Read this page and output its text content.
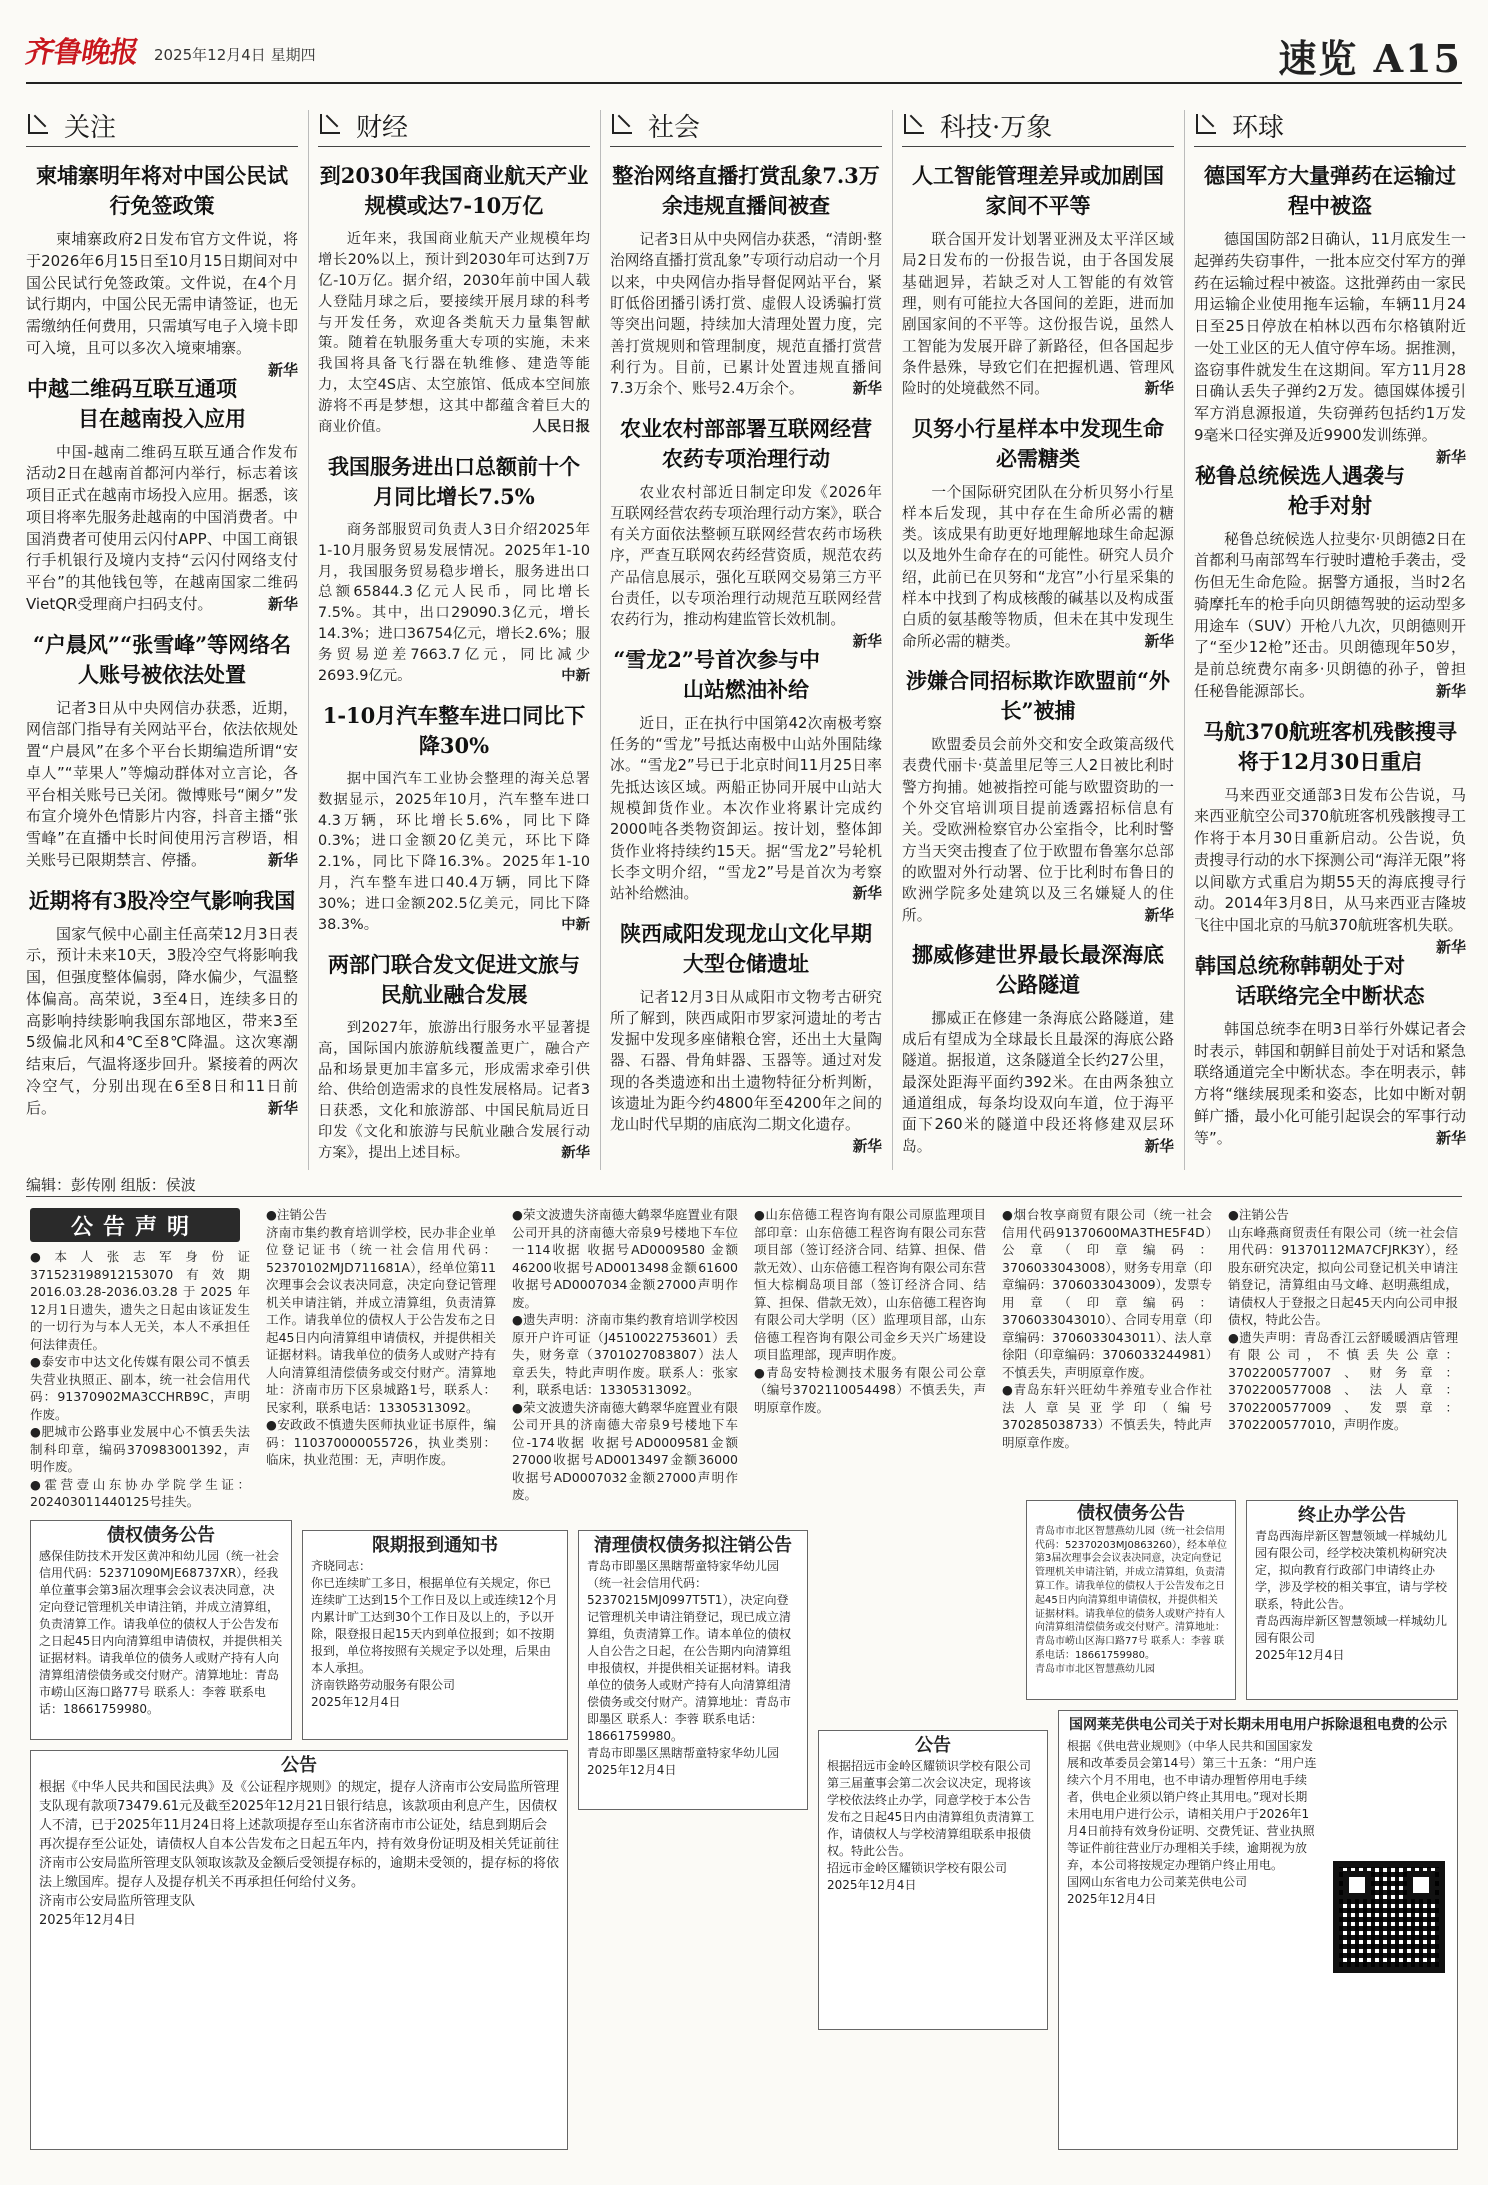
齐鲁晚报 2025年12月4日 星期四	速览 A15
关注
柬埔寨明年将对中国公民试行免签政策

柬埔寨政府2日发布官方文件说，将于2026年6月15日至10月15日期间对中国公民试行免签政策。文件说，在4个月试行期内，中国公民无需申请签证，也无需缴纳任何费用，只需填写电子入境卡即可入境，且可以多次入境柬埔寨。
新华

中越二维码互联互通项目在越南投入应用

中国-越南二维码互联互通合作发布活动2日在越南首都河内举行，标志着该项目正式在越南市场投入应用。据悉，该项目将率先服务赴越南的中国消费者。中国消费者可使用云闪付APP、中国工商银行手机银行及境内支持“云闪付网络支付平台”的其他钱包等，在越南国家二维码VietQR受理商户扫码支付。	新华

“户晨风”“张雪峰”等网络名人账号被依法处置

记者3日从中央网信办获悉，近期，网信部门指导有关网站平台，依法依规处置“户晨风”在多个平台长期编造所谓“安卓人”“苹果人”等煽动群体对立言论，各平台相关账号已关闭。微博账号“阑夕”发布宣介境外色情影片内容，抖音主播“张雪峰”在直播中长时间使用污言秽语，相关账号已限期禁言、停播。	新华

近期将有3股冷空气影响我国

国家气候中心副主任高荣12月3日表示，预计未来10天，3股冷空气将影响我国，但强度整体偏弱，降水偏少，气温整体偏高。高荣说，3至4日，连续多日的高影响持续影响我国东部地区，带来3至5级偏北风和4℃至8℃降温。这次寒潮结束后，气温将逐步回升。紧接着的两次冷空气，分别出现在6至8日和11日前后。	新华

财经
到2030年我国商业航天产业规模或达7-10万亿

近年来，我国商业航天产业规模年均增长20%以上，预计到2030年可达到7万亿-10万亿。据介绍，2030年前中国人载人登陆月球之后，要接续开展月球的科考与开发任务，欢迎各类航天力量集智献策。随着在轨服务重大专项的实施，未来我国将具备飞行器在轨维修、建造等能力，太空4S店、太空旅馆、低成本空间旅游将不再是梦想，这其中都蕴含着巨大的商业价值。	人民日报

我国服务进出口总额前十个月同比增长7.5%

商务部服贸司负责人3日介绍2025年1-10月服务贸易发展情况。2025年1-10月，我国服务贸易稳步增长，服务进出口总额65844.3亿元人民币，同比增长7.5%。其中，出口29090.3亿元，增长14.3%；进口36754亿元，增长2.6%；服务贸易逆差7663.7亿元，同比减少2693.9亿元。	中新

1-10月汽车整车进口同比下降30%

据中国汽车工业协会整理的海关总署数据显示，2025年10月，汽车整车进口4.3万辆，环比增长5.6%，同比下降0.3%；进口金额20亿美元，环比下降2.1%，同比下降16.3%。2025年1-10月，汽车整车进口40.4万辆，同比下降30%；进口金额202.5亿美元，同比下降38.3%。	中新

两部门联合发文促进文旅与民航业融合发展

到2027年，旅游出行服务水平显著提高，国际国内旅游航线覆盖更广，融合产品和场景更加丰富多元，形成需求牵引供给、供给创造需求的良性发展格局。记者3日获悉，文化和旅游部、中国民航局近日印发《文化和旅游与民航业融合发展行动方案》，提出上述目标。	新华

社会
整治网络直播打赏乱象7.3万余违规直播间被查

记者3日从中央网信办获悉，“清朗·整治网络直播打赏乱象”专项行动启动一个月以来，中央网信办指导督促网站平台，紧盯低俗团播引诱打赏、虚假人设诱骗打赏等突出问题，持续加大清理处置力度，完善打赏规则和管理制度，规范直播打赏营利行为。目前，已累计处置违规直播间7.3万余个、账号2.4万余个。	新华

农业农村部部署互联网经营农药专项治理行动

农业农村部近日制定印发《2026年互联网经营农药专项治理行动方案》，联合有关方面依法整顿互联网经营农药市场秩序，严查互联网农药经营资质，规范农药产品信息展示，强化互联网交易第三方平台责任，以专项治理行动规范互联网经营农药行为，推动构建监管长效机制。
新华

“雪龙2”号首次参与中山站燃油补给

近日，正在执行中国第42次南极考察任务的“雪龙”号抵达南极中山站外围陆缘冰。“雪龙2”号已于北京时间11月25日率先抵达该区域。两船正协同开展中山站大规模卸货作业。本次作业将累计完成约2000吨各类物资卸运。按计划，整体卸货作业将持续约15天。据“雪龙2”号轮机长李文明介绍，“雪龙2”号是首次为考察站补给燃油。	新华

陕西咸阳发现龙山文化早期大型仓储遗址

记者12月3日从咸阳市文物考古研究所了解到，陕西咸阳市罗家河遗址的考古发掘中发现多座储粮仓窖，还出土大量陶器、石器、骨角蚌器、玉器等。通过对发现的各类遗迹和出土遗物特征分析判断，该遗址为距今约4800年至4200年之间的龙山时代早期的庙底沟二期文化遗存。
新华

科技·万象
人工智能管理差异或加剧国家间不平等

联合国开发计划署亚洲及太平洋区域局2日发布的一份报告说，由于各国发展基础迥异，若缺乏对人工智能的有效管理，则有可能拉大各国间的差距，进而加剧国家间的不平等。这份报告说，虽然人工智能为发展开辟了新路径，但各国起步条件悬殊，导致它们在把握机遇、管理风险时的处境截然不同。	新华

贝努小行星样本中发现生命必需糖类

一个国际研究团队在分析贝努小行星样本后发现，其中存在生命所必需的糖类。该成果有助更好地理解地球生命起源以及地外生命存在的可能性。研究人员介绍，此前已在贝努和“龙宫”小行星采集的样本中找到了构成核酸的碱基以及构成蛋白质的氨基酸等物质，但未在其中发现生命所必需的糖类。	新华

涉嫌合同招标欺诈欧盟前“外长”被捕

欧盟委员会前外交和安全政策高级代表费代丽卡·莫盖里尼等三人2日被比利时警方拘捕。她被指控可能与欧盟资助的一个外交官培训项目提前透露招标信息有关。受欧洲检察官办公室指令，比利时警方当天突击搜查了位于欧盟布鲁塞尔总部的欧盟对外行动署、位于比利时布鲁日的欧洲学院多处建筑以及三名嫌疑人的住所。	新华

挪威修建世界最长最深海底公路隧道

挪威正在修建一条海底公路隧道，建成后有望成为全球最长且最深的海底公路隧道。据报道，这条隧道全长约27公里，最深处距海平面约392米。在由两条独立通道组成，每条均设双向车道，位于海平面下260米的隧道中段还将修建双层环岛。	新华

环球
德国军方大量弹药在运输过程中被盗

德国国防部2日确认，11月底发生一起弹药失窃事件，一批本应交付军方的弹药在运输过程中被盗。这批弹药由一家民用运输企业使用拖车运输，车辆11月24日至25日停放在柏林以西布尔格镇附近一处工业区的无人值守停车场。据推测，盗窃事件就发生在这期间。军方11月28日确认丢失子弹约2万发。德国媒体援引军方消息源报道，失窃弹药包括约1万发9毫米口径实弹及近9900发训练弹。
新华

秘鲁总统候选人遇袭与枪手对射

秘鲁总统候选人拉斐尔·贝朗德2日在首都利马南部驾车行驶时遭枪手袭击，受伤但无生命危险。据警方通报，当时2名骑摩托车的枪手向贝朗德驾驶的运动型多用途车（SUV）开枪八九次，贝朗德则开了“至少12枪”还击。贝朗德现年50岁，是前总统费尔南多·贝朗德的孙子，曾担任秘鲁能源部长。	新华

马航370航班客机残骸搜寻将于12月30日重启

马来西亚交通部3日发布公告说，马来西亚航空公司370航班客机残骸搜寻工作将于本月30日重新启动。公告说，负责搜寻行动的水下探测公司“海洋无限”将以间歇方式重启为期55天的海底搜寻行动。2014年3月8日，从马来西亚吉隆坡飞往中国北京的马航370航班客机失联。
新华

韩国总统称韩朝处于对话联络完全中断状态

韩国总统李在明3日举行外媒记者会时表示，韩国和朝鲜目前处于对话和紧急联络通道完全中断状态。李在明表示，韩方将“继续展现柔和姿态，比如中断对朝鲜广播，最小化可能引起误会的军事行动等”。	新华

编辑：彭传刚 组版：侯波
公告声明
●本人张志军身份证37152319891215307​0有效期2016.03.28-2036.03.28于2025年12月1日遗失，遗失之日起由该证发生的一切行为与本人无关，本人不承担任何法律责任。
●泰安市中达文化传媒有限公司不慎丢失营业执照正、副本，统一社会信用代码：91370902MA3CCHRB9C，声明作废。
●肥城市公路事业发展中心不慎丢失法制科印章，编码370983001392，声明作废。
●霍营壹山东协办学院学生证：202403011440125号挂失。
●注销公告
济南市集约教育培训学校，民办非企业单位登记证书（统一社会信用代码：52370102MJD71168​1A），经单位第11次理事会会议表决同意，决定向登记管理机关申请注销，并成立清算组，负责清算工作。请我单位的债权人于公告发布之日起45日内向清算组申请债权，并提供相关证据材料。请我单位的债务人或财产持有人向清算组清偿债务或交付财产。清算地址：济南市历下区泉城路1号，联系人：民家利，联系电话：13305313092。
●安政政不慎遗失医师执业证书原件，编码：110370000055726，执业类别：临床，执业范围：无，声明作废。
●荣文波遗失济南德大鹤翠华庭置业有限公司开具的济南德大帝泉9号楼地下车位一114收据 收据号AD000958​0 金额46200收据号AD0013498金额61600收据号AD0007034金额27000声明作废。
●遗失声明：济南市集约教育培训学校因原开户许可证（J4510022753601）丢失，财务章（3701027083807）法人章丢失，特此声明作废。联系人：张家利，联系电话：13305313092。
●荣文波遗失济南德大鹤翠华庭置业有限公司开具的济南德大帝泉9号楼地下车位-174收据 收据号AD0009581金额27000收据号AD0013497金额36000收据号AD0007032金额27000声明作废。
●山东倍德工程咨询有限公司原监理项目部印章：山东倍德工程咨询有限公司东营项目部（签订经济合同、结算、担保、借款无效）、山东倍德工程咨询有限公司东营恒大棕榈岛项目部（签订经济合同、结算、担保、借款无效），山东倍德工程咨询有限公司大学明（区）监理项目部，山东倍德工程咨询有限公司金乡天兴广场建设项目监理部，现声明作废。
●青岛安特检测技术服务有限公司公章（编号3702110054498）不慎丢失，声明原章作废。
●烟台牧享商贸有限公司（统一社会信用代码91370600MA3THE5F4D）公章（印章编码：3706033043008），财务专用章（印章编码：3706033043009），发票专用章（印章编码：3706033043010）、合同专用章（印章编码：3706033043011）、法人章徐阳（印章编码：3706033244981）不慎丢失，声明原章作废。
●青岛东轩兴旺幼牛养殖专业合作社法人章吴亚学印（编号370285038733）不慎丢失，特此声明原章作废。
●注销公告
山东峰燕商贸责任有限公司（统一社会信用代码：913701​12MA7CFJRK3Y），经股东研究决定，拟向公司登记机关申请注销登记，清算组由马文峰、赵明燕组成，请债权人于登报之日起45天内向公司申报债权，特此公告。
●遗失声明：青岛香江云舒暖暖酒店管理有限公司，不慎丢失公章：3702200577007、财务章：3702200577008、法人章：3702200577009、发票章：3702200577010，声明作废。
债权债务公告
感保佳防技术开发区黄冲和幼儿园（统一社会信用代码：52371090MJE68737XR），经我单位董事会第3届次理事会会议表决同意，决定向登记管理机关申请注销，并成立清算组，负责清算工作。请我单位的债权人于公告发布之日起45日内向清算组申请债权，并提供相关证据材料。请我单位的债务人或财产持有人向清算组清偿债务或交付财产。清算地址：青岛市崂山区海口路77号 联系人：李蓉 联系电话：18661759980。
限期报到通知书
齐晓同志：
你已连续旷工多日，根据单位有关规定，你已连续旷工达到15个工作日及以上或连续12个月内累计旷工达到30个工作日及以上的，予以开除，限登报日起15天内到单位报到；如不按期报到，单位将按照有关规定予以处理，后果由本人承担。
济南铁路劳动服务有限公司
2025年12月4日
清理债权债务拟注销公告
青岛市即墨区黑瞎帮童特家华幼儿园（统一社会信用代码：52370215MJ0997T5T1），决定向登记管理机关申请注销登记，现已成立清算组，负责清算工作。请本单位的债权人自公告之日起，在公告期内向清算组申报债权，并提供相关证据材料。请我单位的债务人或财产持有人向清算组清偿债务或交付财产。清算地址：青岛市即墨区 联系人：李蓉 联系电话：18661759980。
青岛市即墨区黑瞎帮童特家华幼儿园
2025年12月4日
债权债务公告
青岛市市北区智慧燕幼儿园（统一社会信用代码：52370203MJ0863260），经本单位第3届次理事会会议表决同意，决定向登记管理机关申请注销，并成立清算组，负责清算工作。请我单位的债权人于公告发布之日起45日内向清算组申请债权，并提供相关证据材料。请我单位的债务人或财产持有人向清算组清偿债务或交付财产。清算地址：青岛市崂山区海口路77号 联系人：李蓉 联系电话：18661759980。
青岛市市北区智慧燕幼儿园
终止办学公告
青岛西海岸新区智慧领域一样城幼儿园有限公司，经学校决策机构研究决定，拟向教育行政部门申请终止办学，涉及学校的相关事宜，请与学校联系，特此公告。
青岛西海岸新区智慧领域一样城幼儿园有限公司
2025年12月4日
公告
根据《中华人民共和国民法典》及《公证程序规则》的规定，提存人济南市公安局监所管理支队现有款项73479.61元及截至2025年12月21日银行结息，该款项由利息产生，因债权人不清，已于2025年11月24日将上述款项提存至山东省济南市市公证处，结息到期后会再次提存至公证处，请债权人自本公告发布之日起五年内，持有效身份证明及相关凭证前往济南市公安局监所管理支队领取该款及金额后受领提存标的，逾期未受领的，提存标的将依法上缴国库。提存人及提存机关不再承担任何给付义务。
济南市公安局监所管理支队
2025年12月4日
公告
根据招远市金岭区耀锁识学校有限公司第三届董事会第二次会议决定，现将该学校依法终止办学，同意学校于本公告发布之日起45日内由清算组负责清算工作，请债权人与学校清算组联系申报债权。特此公告。
招远市金岭区耀锁识学校有限公司
2025年12月4日
国网莱芜供电公司关于对长期未用电用户拆除退租电费的公示
根据《供电营业规则》（中华人民共和国国家发展和改革委员会第14号）第三十五条：“用户连续六个月不用电，也不申请办理暂停用电手续者，供电企业须以销户终止其用电。”现对长期未用电用户进行公示，请相关用户于2026年1月4日前持有效身份证明、交费凭证、营业执照等证件前往营业厅办理相关手续，逾期视为放弃，本公司将按规定办理销户终止用电。
国网山东省电力公司莱芜供电公司
2025年12月4日
